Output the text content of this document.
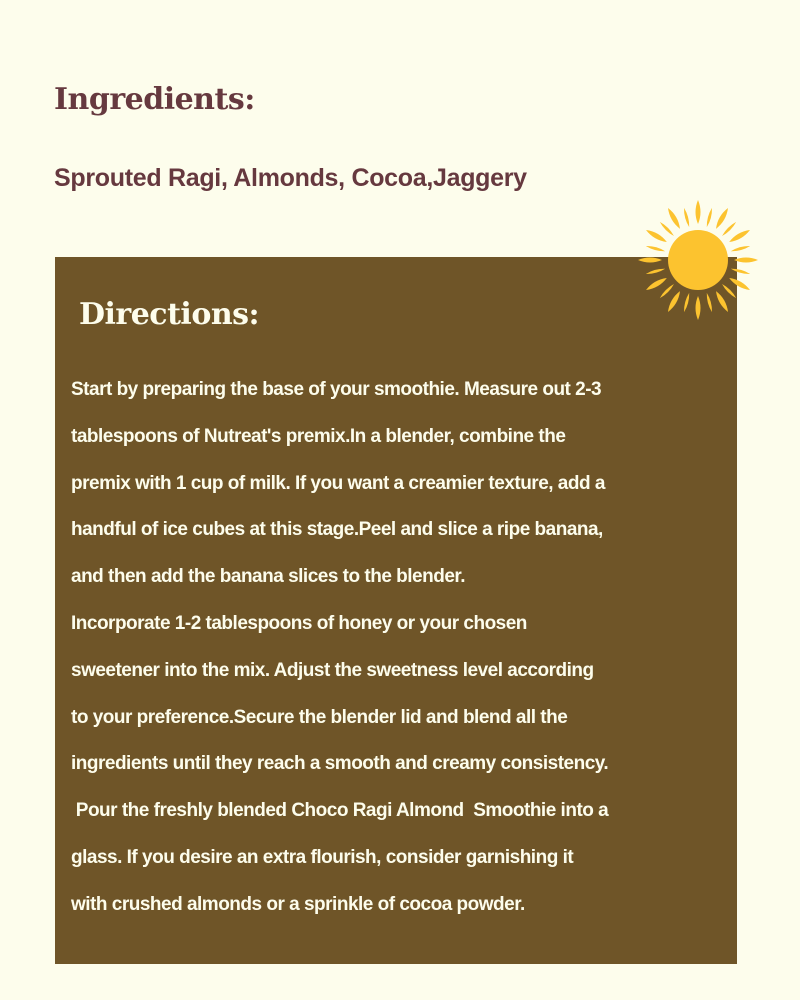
Ingredients:

Sprouted Ragi, Almonds, Cocoa,Jaggery

Directions:

Start by preparing the base of your smoothie. Measure out 2-3
tablespoons of Nutreat's premix.In a blender, combine the
premix with 1 cup of milk. If you want a creamier texture, add a
handful of ice cubes at this stage.Peel and slice a ripe banana,
and then add the banana slices to the blender.
Incorporate 1-2 tablespoons of honey or your chosen
sweetener into the mix. Adjust the sweetness level according
to your preference.Secure the blender lid and blend all the
ingredients until they reach a smooth and creamy consistency.
Pour the freshly blended Choco Ragi Almond  Smoothie into a
glass. If you desire an extra flourish, consider garnishing it
with crushed almonds or a sprinkle of cocoa powder.
